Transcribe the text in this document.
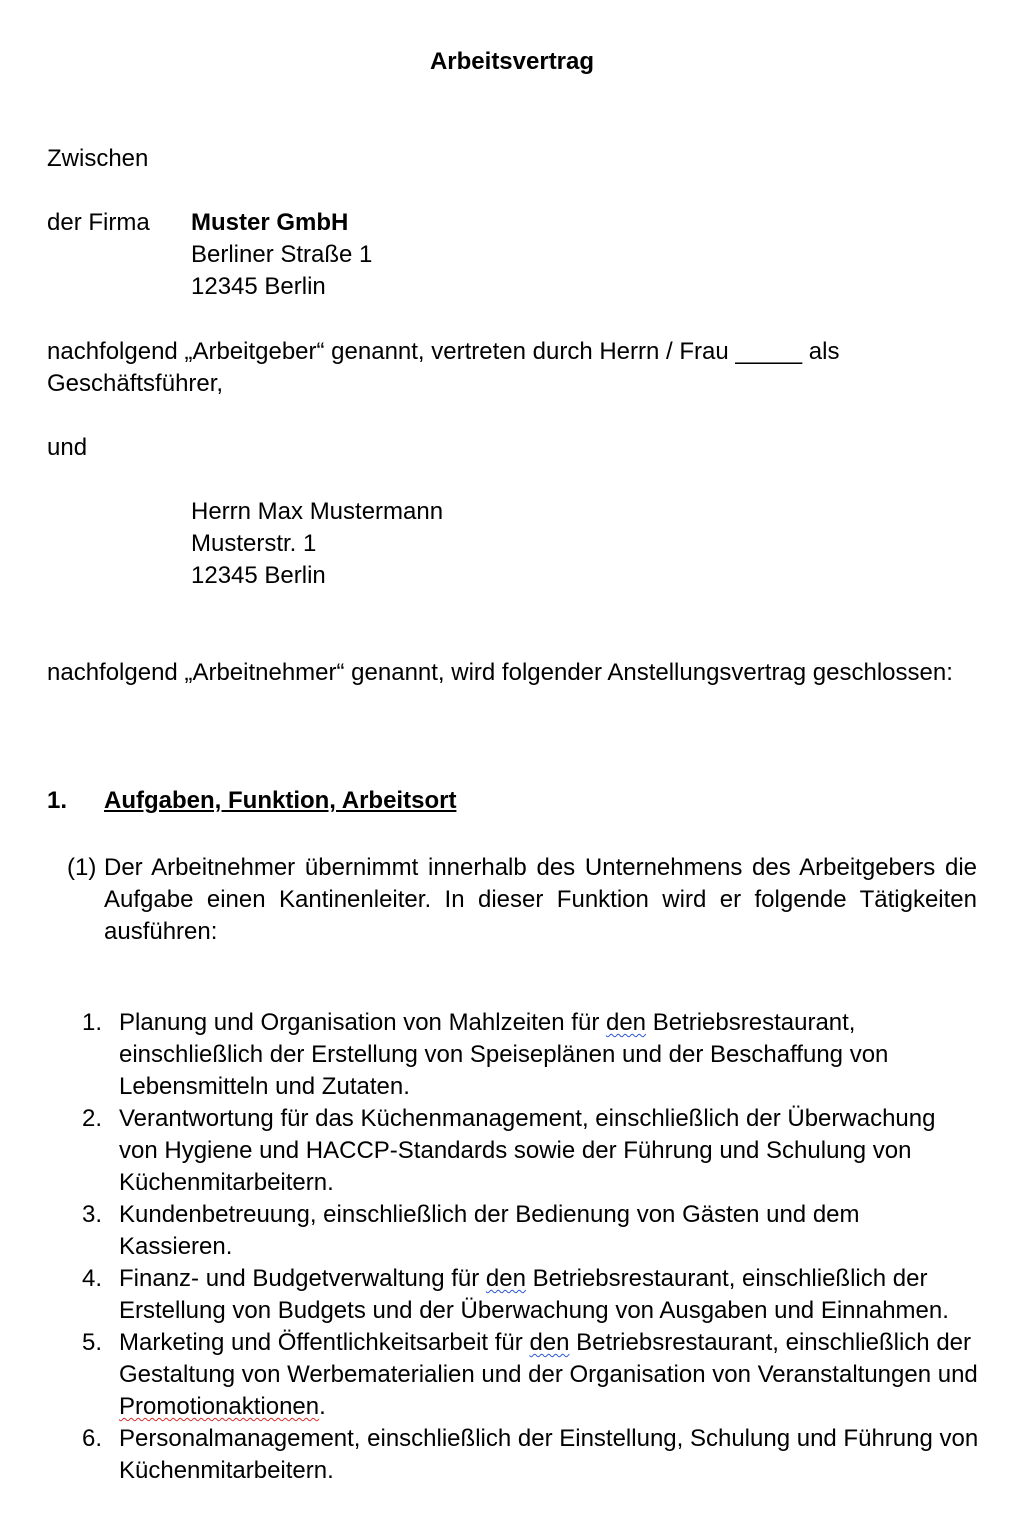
Arbeitsvertrag
Zwischen
der Firma Muster GmbH
Berliner Straße 1
12345 Berlin
nachfolgend „Arbeitgeber“ genannt, vertreten durch Herrn / Frau _____ als
Geschäftsführer,
und
Herrn Max Mustermann
Musterstr. 1
12345 Berlin
nachfolgend „Arbeitnehmer“ genannt, wird folgender Anstellungsvertrag geschlossen:
1. Aufgaben, Funktion, Arbeitsort
(1) Der Arbeitnehmer übernimmt innerhalb des Unternehmens des Arbeitgebers die Aufgabe einen Kantinenleiter. In dieser Funktion wird er folgende Tätigkeiten ausführen:
1. Planung und Organisation von Mahlzeiten für den Betriebsrestaurant, einschließlich der Erstellung von Speiseplänen und der Beschaffung von Lebensmitteln und Zutaten.
2. Verantwortung für das Küchenmanagement, einschließlich der Überwachung von Hygiene und HACCP-Standards sowie der Führung und Schulung von Küchenmitarbeitern.
3. Kundenbetreuung, einschließlich der Bedienung von Gästen und dem Kassieren.
4. Finanz- und Budgetverwaltung für den Betriebsrestaurant, einschließlich der Erstellung von Budgets und der Überwachung von Ausgaben und Einnahmen.
5. Marketing und Öffentlichkeitsarbeit für den Betriebsrestaurant, einschließlich der Gestaltung von Werbematerialien und der Organisation von Veranstaltungen und Promotionaktionen.
6. Personalmanagement, einschließlich der Einstellung, Schulung und Führung von Küchenmitarbeitern.
